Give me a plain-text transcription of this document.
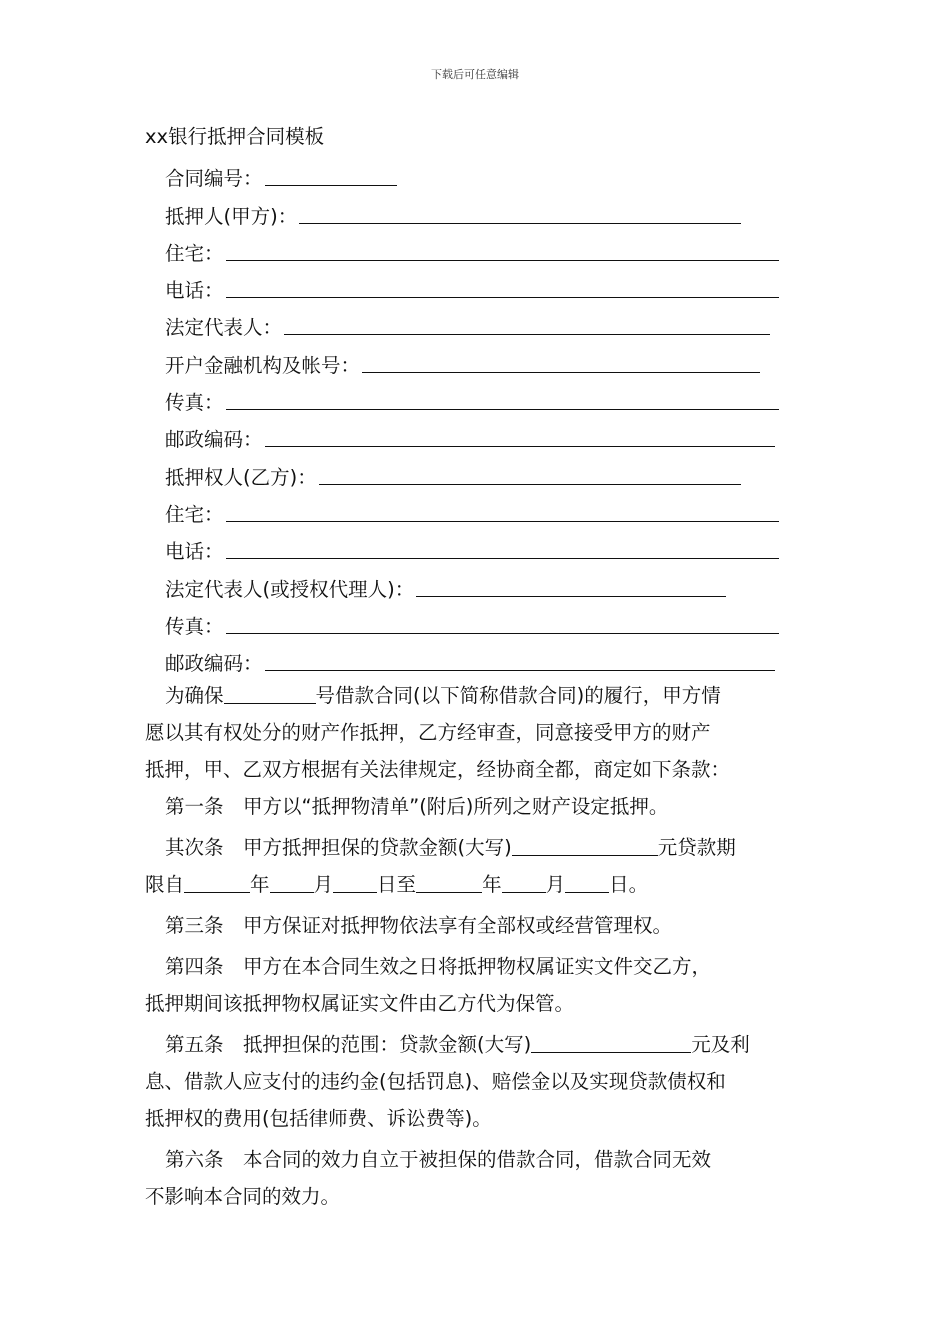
下载后可任意编辑
xx银行抵押合同模板
合同编号：
抵押人(甲方)：
住宅：
电话：
法定代表人：
开户金融机构及帐号：
传真：
邮政编码：
抵押权人(乙方)：
住宅：
电话：
法定代表人(或授权代理人)：
传真：
邮政编码：
为确保	号借款合同(以下简称借款合同)的履行，甲方情
愿以其有权处分的财产作抵押，乙方经审查，同意接受甲方的财产
抵押，甲、乙双方根据有关法律规定，经协商全都，商定如下条款：
第一条　甲方以“抵押物清单”(附后)所列之财产设定抵押。
其次条　甲方抵押担保的贷款金额(大写)	元贷款期
限自	年 月 日至	年 月 日。
第三条　甲方保证对抵押物依法享有全部权或经营管理权。
第四条　甲方在本合同生效之日将抵押物权属证实文件交乙方，
抵押期间该抵押物权属证实文件由乙方代为保管。
第五条　抵押担保的范围：贷款金额(大写)	元及利
息、借款人应支付的违约金(包括罚息)、赔偿金以及实现贷款债权和
抵押权的费用(包括律师费、诉讼费等)。
第六条　本合同的效力自立于被担保的借款合同，借款合同无效
不影响本合同的效力。
